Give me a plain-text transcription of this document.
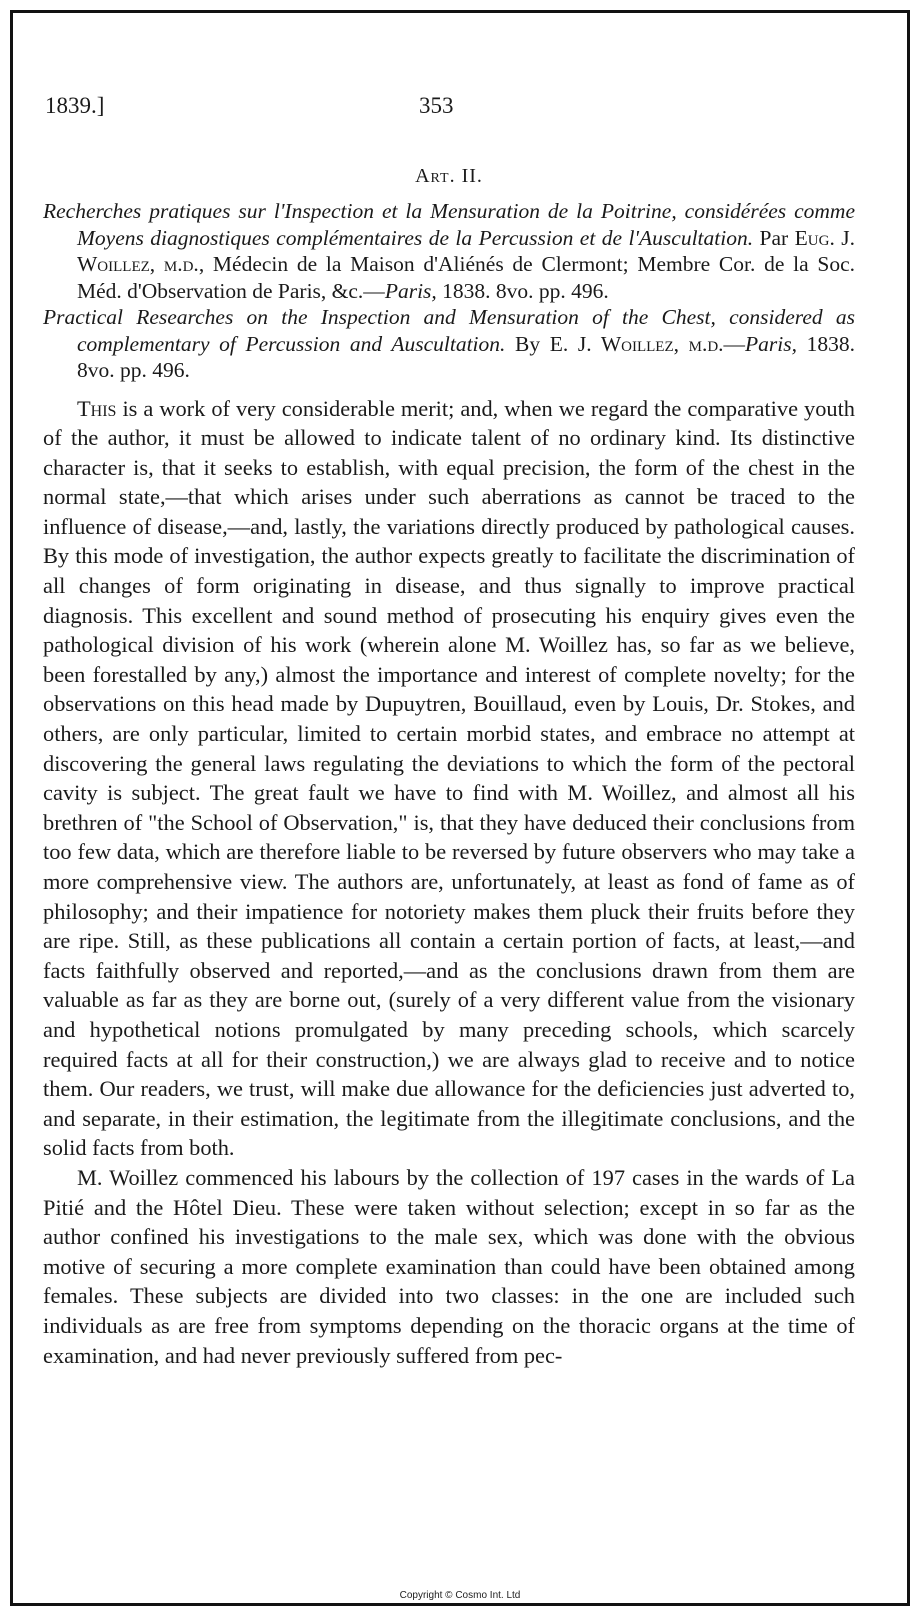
1839.]	353
Art. II.

Recherches pratiques sur l'Inspection et la Mensuration de la Poitrine, considérées comme Moyens diagnostiques complémentaires de la Percussion et de l'Auscultation. Par Eug. J. Woillez, m.d., Médecin de la Maison d'Aliénés de Clermont; Membre Cor. de la Soc. Méd. d'Observation de Paris, &c.—Paris, 1838. 8vo. pp. 496.

Practical Researches on the Inspection and Mensuration of the Chest, considered as complementary of Percussion and Auscultation. By E. J. Woillez, m.d.—Paris, 1838. 8vo. pp. 496.

This is a work of very considerable merit; and, when we regard the comparative youth of the author, it must be allowed to indicate talent of no ordinary kind. Its distinctive character is, that it seeks to establish, with equal precision, the form of the chest in the normal state,—that which arises under such aberrations as cannot be traced to the influence of disease,—and, lastly, the variations directly produced by pathological causes. By this mode of investigation, the author expects greatly to facilitate the discrimination of all changes of form originating in disease, and thus signally to improve practical diagnosis. This excellent and sound method of prosecuting his enquiry gives even the pathological division of his work (wherein alone M. Woillez has, so far as we believe, been forestalled by any,) almost the importance and interest of complete novelty; for the observations on this head made by Dupuytren, Bouillaud, even by Louis, Dr. Stokes, and others, are only particular, limited to certain morbid states, and embrace no attempt at discovering the general laws regulating the deviations to which the form of the pectoral cavity is subject. The great fault we have to find with M. Woillez, and almost all his brethren of "the School of Observation," is, that they have deduced their conclusions from too few data, which are therefore liable to be reversed by future observers who may take a more comprehensive view. The authors are, unfortunately, at least as fond of fame as of philosophy; and their impatience for notoriety makes them pluck their fruits before they are ripe. Still, as these publications all contain a certain portion of facts, at least,—and facts faithfully observed and reported,—and as the conclusions drawn from them are valuable as far as they are borne out, (surely of a very different value from the visionary and hypothetical notions promulgated by many preceding schools, which scarcely required facts at all for their construction,) we are always glad to receive and to notice them. Our readers, we trust, will make due allowance for the deficiencies just adverted to, and separate, in their estimation, the legitimate from the illegitimate conclusions, and the solid facts from both.

M. Woillez commenced his labours by the collection of 197 cases in the wards of La Pitié and the Hôtel Dieu. These were taken without selection; except in so far as the author confined his investigations to the male sex, which was done with the obvious motive of securing a more complete examination than could have been obtained among females. These subjects are divided into two classes: in the one are included such individuals as are free from symptoms depending on the thoracic organs at the time of examination, and had never previously suffered from pec-

Copyright © Cosmo Int. Ltd
